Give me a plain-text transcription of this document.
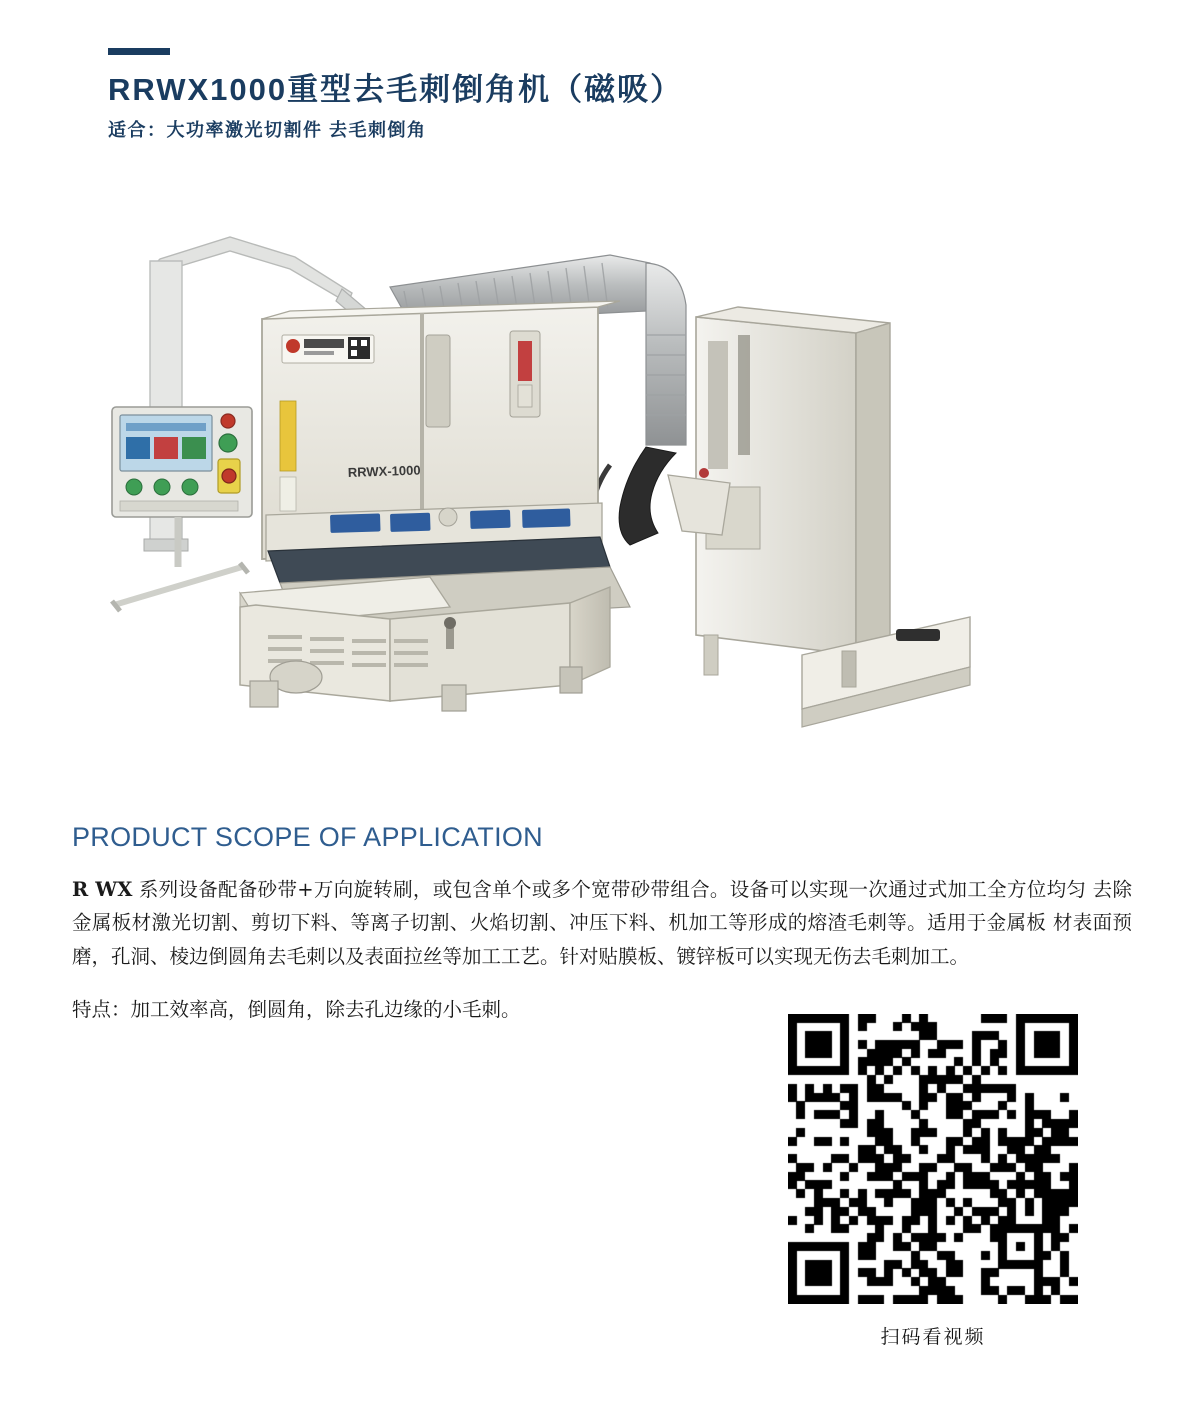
RRWX1000重型去毛刺倒角机（磁吸）
适合：大功率激光切割件 去毛刺倒角
RRWX-1000
PRODUCT SCOPE OF APPLICATION

R WX 系列设备配备砂带+万向旋转刷，或包含单个或多个宽带砂带组合。设备可以实现一次通过式加工全方位均匀 去除金属板材激光切割、剪切下料、等离子切割、火焰切割、冲压下料、机加工等形成的熔渣毛刺等。适用于金属板 材表面预磨，孔洞、棱边倒圆角去毛刺以及表面拉丝等加工工艺。针对贴膜板、镀锌板可以实现无伤去毛刺加工。

特点：加工效率高，倒圆角，除去孔边缘的小毛刺。

扫码看视频
